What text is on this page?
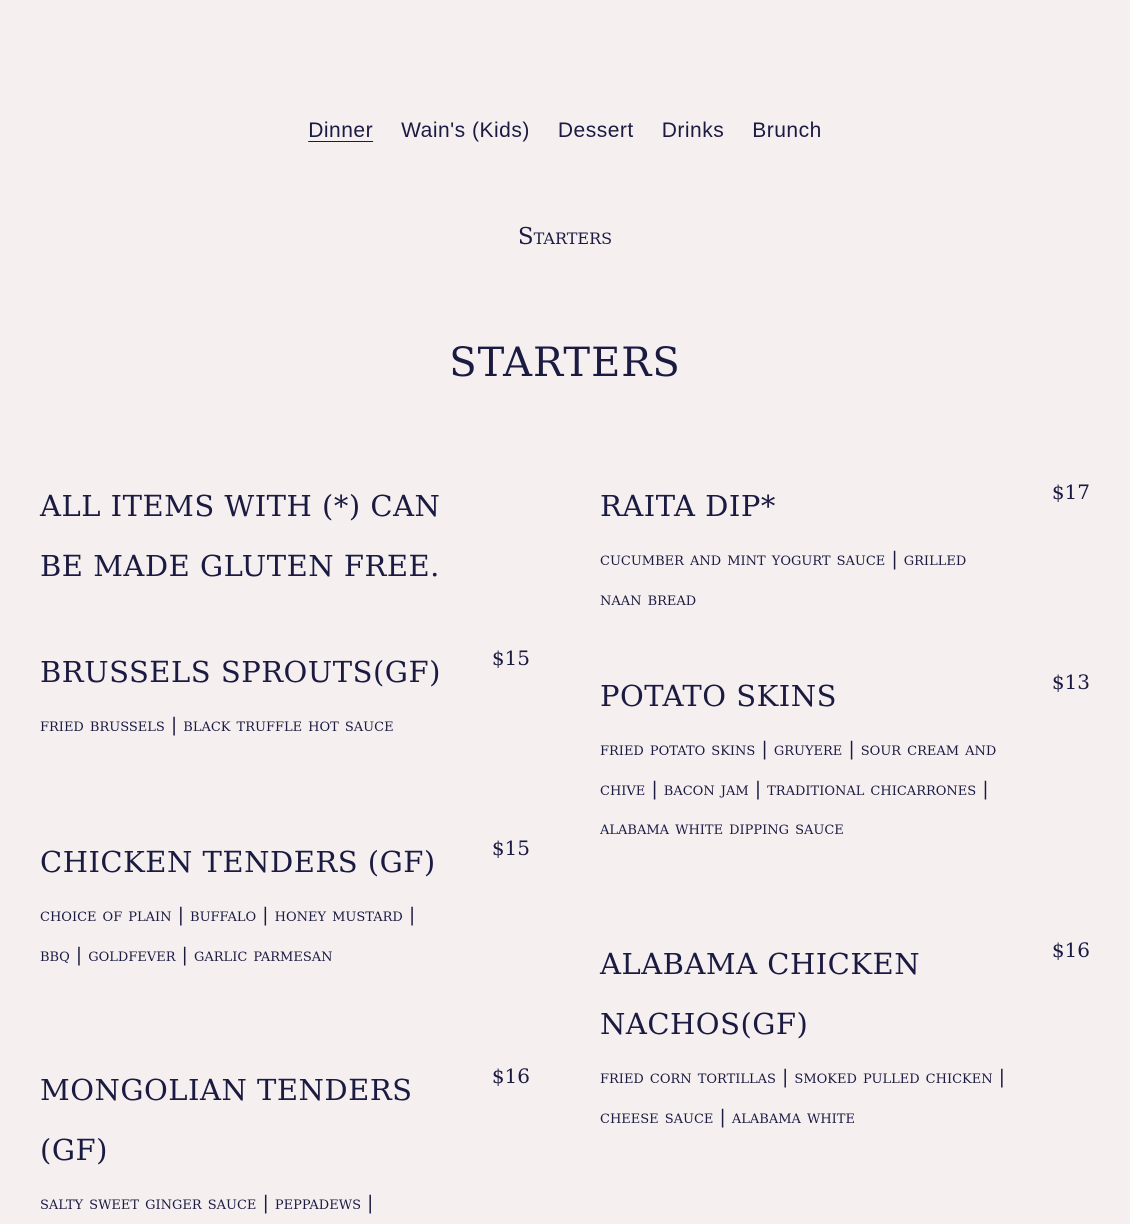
Dinner Wain's (Kids) Dessert Drinks Brunch
Starters
STARTERS
ALL ITEMS WITH (*) CAN BE MADE GLUTEN FREE.
BRUSSELS SPROUTS(GF)	$15
fried brussels | black truffle hot sauce
CHICKEN TENDERS (GF)	$15
choice of plain | buffalo | honey mustard | bbq | goldfever | garlic parmesan
MONGOLIAN TENDERS (GF)
$16
salty sweet ginger sauce | peppadews |
RAITA DIP*	$17
cucumber and mint yogurt sauce | grilled naan bread
POTATO SKINS	$13
fried potato skins | gruyere | sour cream and chive | bacon jam | traditional chicarrones | alabama white dipping sauce
ALABAMA CHICKEN NACHOS(GF)
$16
fried corn tortillas | smoked pulled chicken | cheese sauce | alabama white
